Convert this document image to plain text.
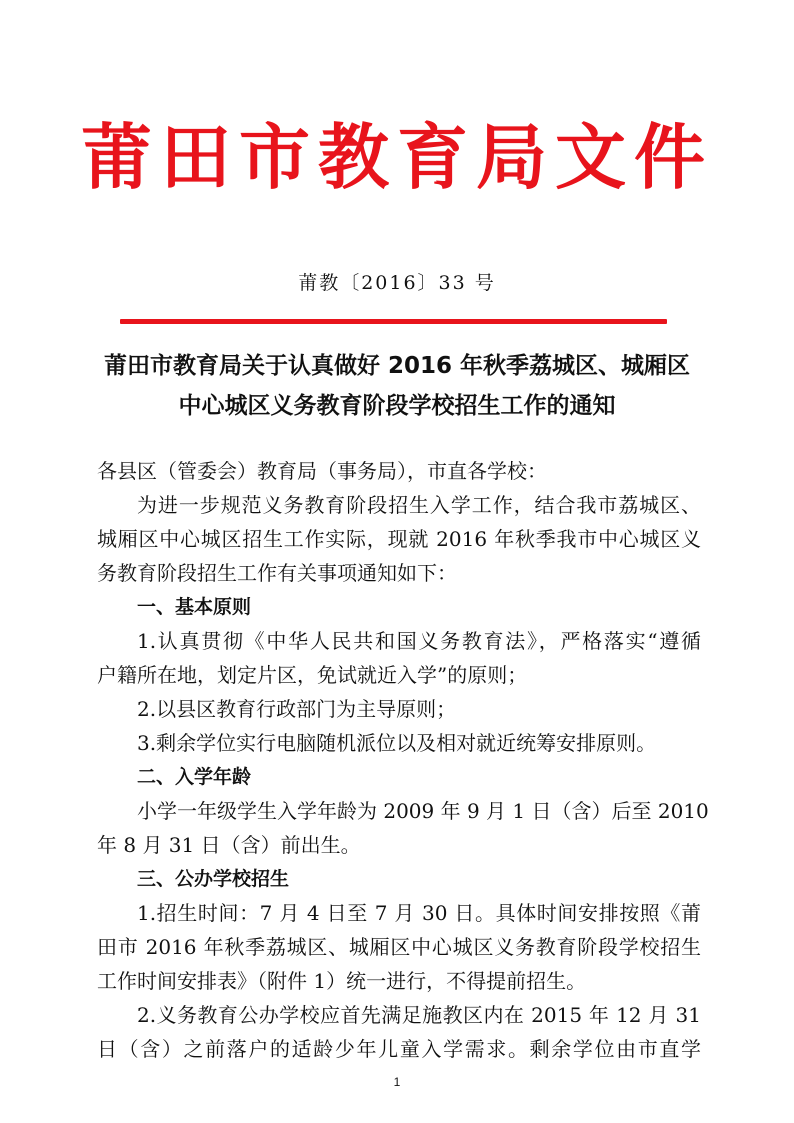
莆田市教育局文件
莆教〔2016〕33 号
莆田市教育局关于认真做好 2016 年秋季荔城区、城厢区
中心城区义务教育阶段学校招生工作的通知
各县区（管委会）教育局（事务局），市直各学校：
为进一步规范义务教育阶段招生入学工作，结合我市荔城区、
城厢区中心城区招生工作实际，现就 2016 年秋季我市中心城区义
务教育阶段招生工作有关事项通知如下：
一、基本原则
1.认真贯彻《中华人民共和国义务教育法》，严格落实“遵循
户籍所在地，划定片区，免试就近入学”的原则；
2.以县区教育行政部门为主导原则；
3.剩余学位实行电脑随机派位以及相对就近统筹安排原则。
二、入学年龄
小学一年级学生入学年龄为 2009 年 9 月 1 日（含）后至 2010
年 8 月 31 日（含）前出生。
三、公办学校招生
1.招生时间：7 月 4 日至 7 月 30 日。具体时间安排按照《莆
田市 2016 年秋季荔城区、城厢区中心城区义务教育阶段学校招生
工作时间安排表》（附件 1）统一进行，不得提前招生。
2.义务教育公办学校应首先满足施教区内在 2015 年 12 月 31
日（含）之前落户的适龄少年儿童入学需求。剩余学位由市直学
1
